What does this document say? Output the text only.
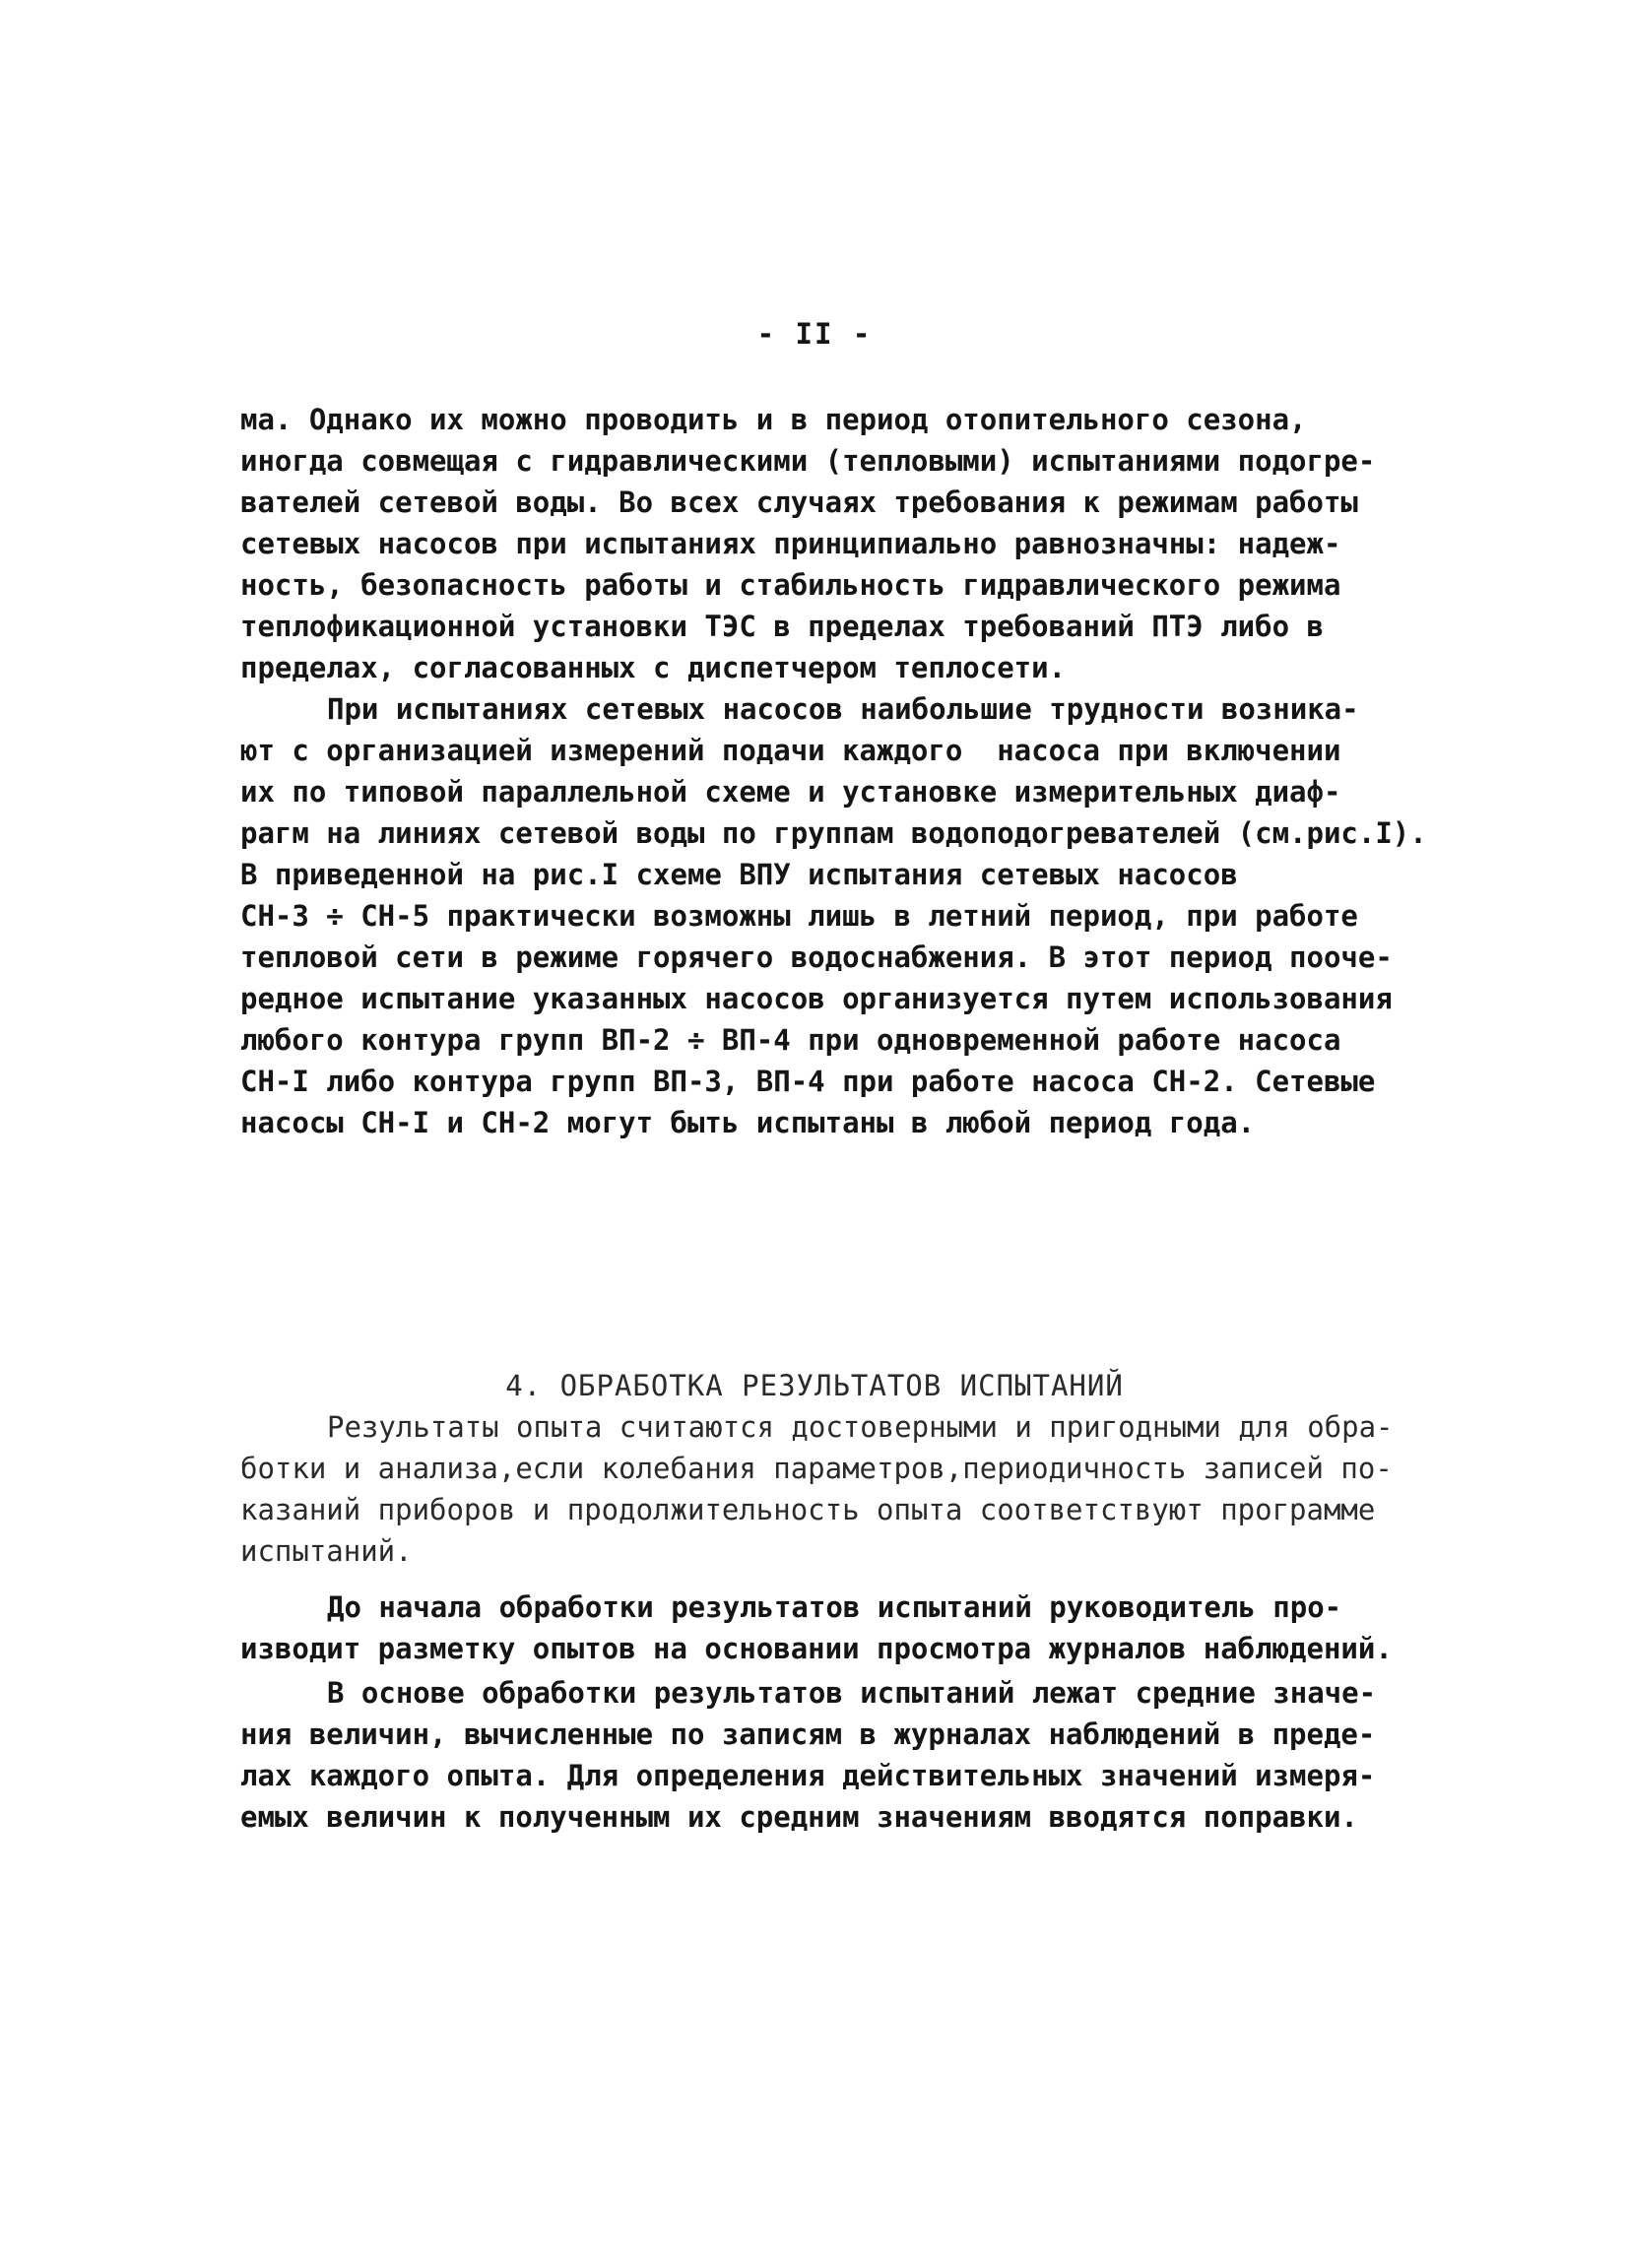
- II -
ма. Однако их можно проводить и в период отопительного сезона,
иногда совмещая с гидравлическими (тепловыми) испытаниями подогре-
вателей сетевой воды. Во всех случаях требования к режимам работы
сетевых насосов при испытаниях принципиально равнозначны: надеж-
ность, безопасность работы и стабильность гидравлического режима
теплофикационной установки ТЭС в пределах требований ПТЭ либо в
пределах, согласованных с диспетчером теплосети.
При испытаниях сетевых насосов наибольшие трудности возника-
ют с организацией измерений подачи каждого  насоса при включении
их по типовой параллельной схеме и установке измерительных диаф-
рагм на линиях сетевой воды по группам водоподогревателей (см.рис.I).
В приведенной на рис.I схеме ВПУ испытания сетевых насосов
СН-3 ÷ СН-5 практически возможны лишь в летний период, при работе
тепловой сети в режиме горячего водоснабжения. В этот период пооче-
редное испытание указанных насосов организуется путем использования
любого контура групп ВП-2 ÷ ВП-4 при одновременной работе насоса
СН-I либо контура групп ВП-3, ВП-4 при работе насоса СН-2. Сетевые
насосы СН-I и СН-2 могут быть испытаны в любой период года.
4. ОБРАБОТКА РЕЗУЛЬТАТОВ ИСПЫТАНИЙ
Результаты опыта считаются достоверными и пригодными для обра-
ботки и анализа,если колебания параметров,периодичность записей по-
казаний приборов и продолжительность опыта соответствуют программе
испытаний.
До начала обработки результатов испытаний руководитель про-
изводит разметку опытов на основании просмотра журналов наблюдений.
В основе обработки результатов испытаний лежат средние значе-
ния величин, вычисленные по записям в журналах наблюдений в преде-
лах каждого опыта. Для определения действительных значений измеря-
емых величин к полученным их средним значениям вводятся поправки.
